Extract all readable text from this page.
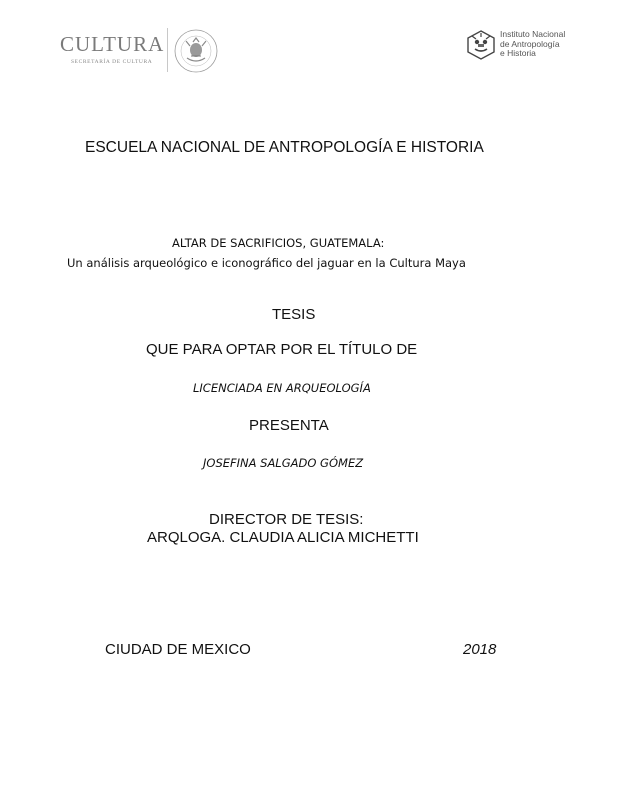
CULTURA
SECRETARÍA DE CULTURA
Instituto Nacional
de Antropología
e Historia
ESCUELA NACIONAL DE ANTROPOLOGÍA E HISTORIA
ALTAR DE SACRIFICIOS, GUATEMALA:
Un análisis arqueológico e iconográfico del jaguar en la Cultura Maya
TESIS
QUE PARA OPTAR POR EL TÍTULO DE
LICENCIADA EN ARQUEOLOGÍA
PRESENTA
JOSEFINA SALGADO GÓMEZ
DIRECTOR DE TESIS:
ARQLOGA. CLAUDIA ALICIA MICHETTI
CIUDAD DE MEXICO	2018
